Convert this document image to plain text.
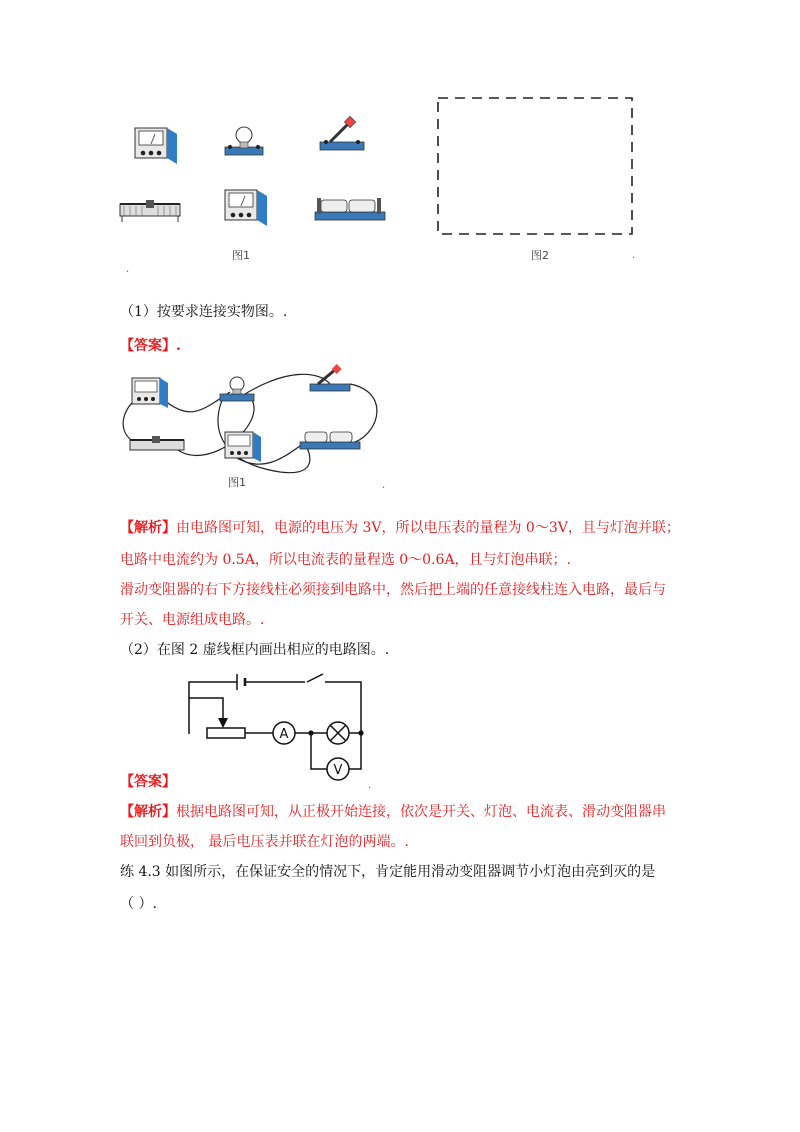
图1
.
图2	.
（1）按要求连接实物图。.
【答案】.
图1	.
【解析】由电路图可知，电源的电压为 3V，所以电压表的量程为 0～3V，且与灯泡并联；
电路中电流约为 0.5A，所以电流表的量程选 0～0.6A，且与灯泡串联；.
滑动变阻器的右下方接线柱必须接到电路中，然后把上端的任意接线柱连入电路，最后与
开关、电源组成电路。.
（2）在图 2 虚线框内画出相应的电路图。.
A
V
【答案】	.
【解析】根据电路图可知，从正极开始连接，依次是开关、灯泡、电流表、滑动变阻器串
联回到负极， 最后电压表并联在灯泡的两端。.
练 4.3 如图所示，在保证安全的情况下，肯定能用滑动变阻器调节小灯泡由亮到灭的是
（ ）.
